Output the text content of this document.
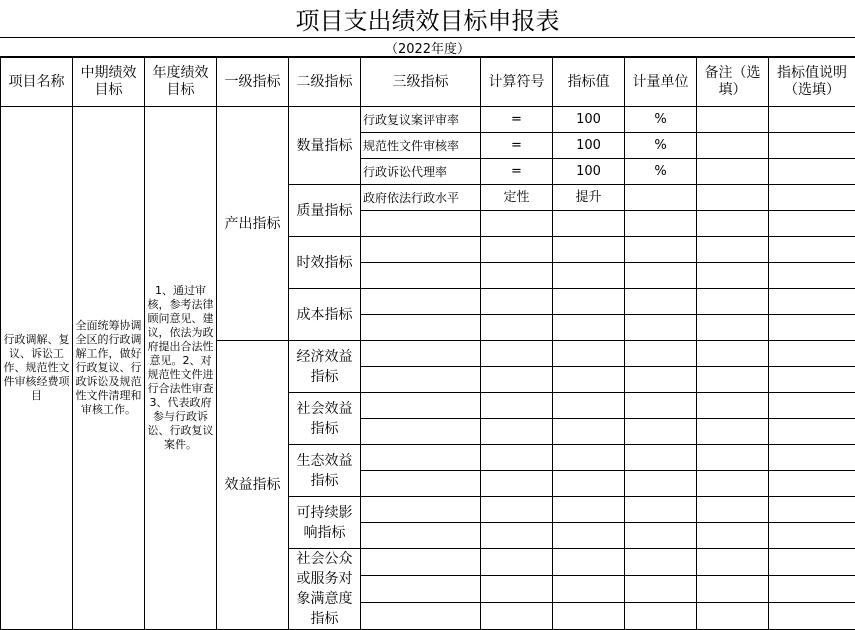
项目支出绩效目标申报表
（2022年度）
项目名称	中期绩效目标	年度绩效目标	一级指标	二级指标	三级指标	计算符号	指标值	计量单位	备注（选填）	指标值说明（选填）
行政调解、复议、诉讼工作、规范性文件审核经费项目	全面统筹协调全区的行政调解工作，做好行政复议、行政诉讼及规范性文件清理和审核工作。	1、通过审核，参考法律顾问意见、建议，依法为政府提出合法性意见。2、对规范性文件进行合法性审查3、代表政府参与行政诉讼、行政复议案件。	产出指标	数量指标	行政复议案评审率	=	100	%		
					规范性文件审核率	=	100	%		
					行政诉讼代理率	=	100	%		
				质量指标	政府依法行政水平	定性	提升			

				时效指标						

				成本指标						

			效益指标	经济效益指标						

				社会效益指标						

				生态效益指标						

				可持续影响指标						

				社会公众或服务对象满意度指标						
